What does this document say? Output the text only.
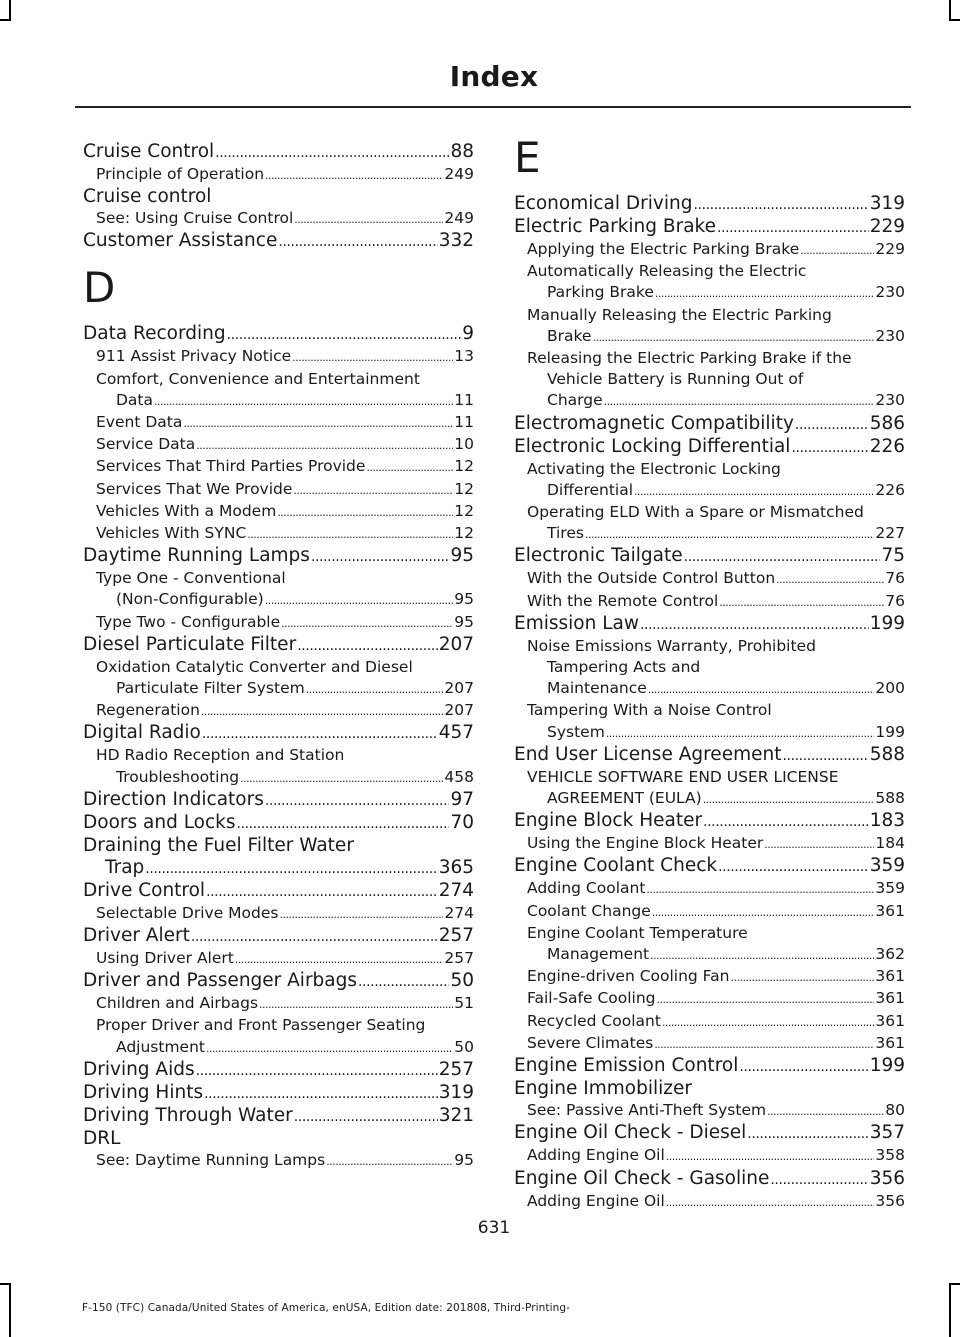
Index
Cruise Control .....	88
Principle of Operation .....	249
Cruise control
See: Using Cruise Control .....	249
Customer Assistance .....	332
D
Data Recording .....	9
911 Assist Privacy Notice .....	13
Comfort, Convenience and Entertainment
Data .....	11
Event Data .....	11
Service Data .....	10
Services That Third Parties Provide .....	12
Services That We Provide .....	12
Vehicles With a Modem .....	12
Vehicles With SYNC .....	12
Daytime Running Lamps .....	95
Type One - Conventional
(Non-Configurable) .....	95
Type Two - Configurable .....	95
Diesel Particulate Filter .....	207
Oxidation Catalytic Converter and Diesel
Particulate Filter System .....	207
Regeneration .....	207
Digital Radio .....	457
HD Radio Reception and Station
Troubleshooting .....	458
Direction Indicators .....	97
Doors and Locks .....	70
Draining the Fuel Filter Water
Trap .....	365
Drive Control .....	274
Selectable Drive Modes .....	274
Driver Alert .....	257
Using Driver Alert .....	257
Driver and Passenger Airbags .....	50
Children and Airbags .....	51
Proper Driver and Front Passenger Seating
Adjustment .....	50
Driving Aids .....	257
Driving Hints .....	319
Driving Through Water .....	321
DRL
See: Daytime Running Lamps .....	95
E
Economical Driving .....	319
Electric Parking Brake .....	229
Applying the Electric Parking Brake .....	229
Automatically Releasing the Electric
Parking Brake .....	230
Manually Releasing the Electric Parking
Brake .....	230
Releasing the Electric Parking Brake if the
Vehicle Battery is Running Out of
Charge .....	230
Electromagnetic Compatibility .....	586
Electronic Locking Differential .....	226
Activating the Electronic Locking
Differential .....	226
Operating ELD With a Spare or Mismatched
Tires .....	227
Electronic Tailgate .....	75
With the Outside Control Button .....	76
With the Remote Control .....	76
Emission Law .....	199
Noise Emissions Warranty, Prohibited
Tampering Acts and
Maintenance .....	200
Tampering With a Noise Control
System .....	199
End User License Agreement .....	588
VEHICLE SOFTWARE END USER LICENSE
AGREEMENT (EULA) .....	588
Engine Block Heater .....	183
Using the Engine Block Heater .....	184
Engine Coolant Check .....	359
Adding Coolant .....	359
Coolant Change .....	361
Engine Coolant Temperature
Management .....	362
Engine-driven Cooling Fan .....	361
Fail-Safe Cooling .....	361
Recycled Coolant .....	361
Severe Climates .....	361
Engine Emission Control .....	199
Engine Immobilizer
See: Passive Anti-Theft System .....	80
Engine Oil Check - Diesel .....	357
Adding Engine Oil .....	358
Engine Oil Check - Gasoline .....	356
Adding Engine Oil .....	356
631
F-150 (TFC) Canada/United States of America, enUSA, Edition date: 201808, Third-Printing-
